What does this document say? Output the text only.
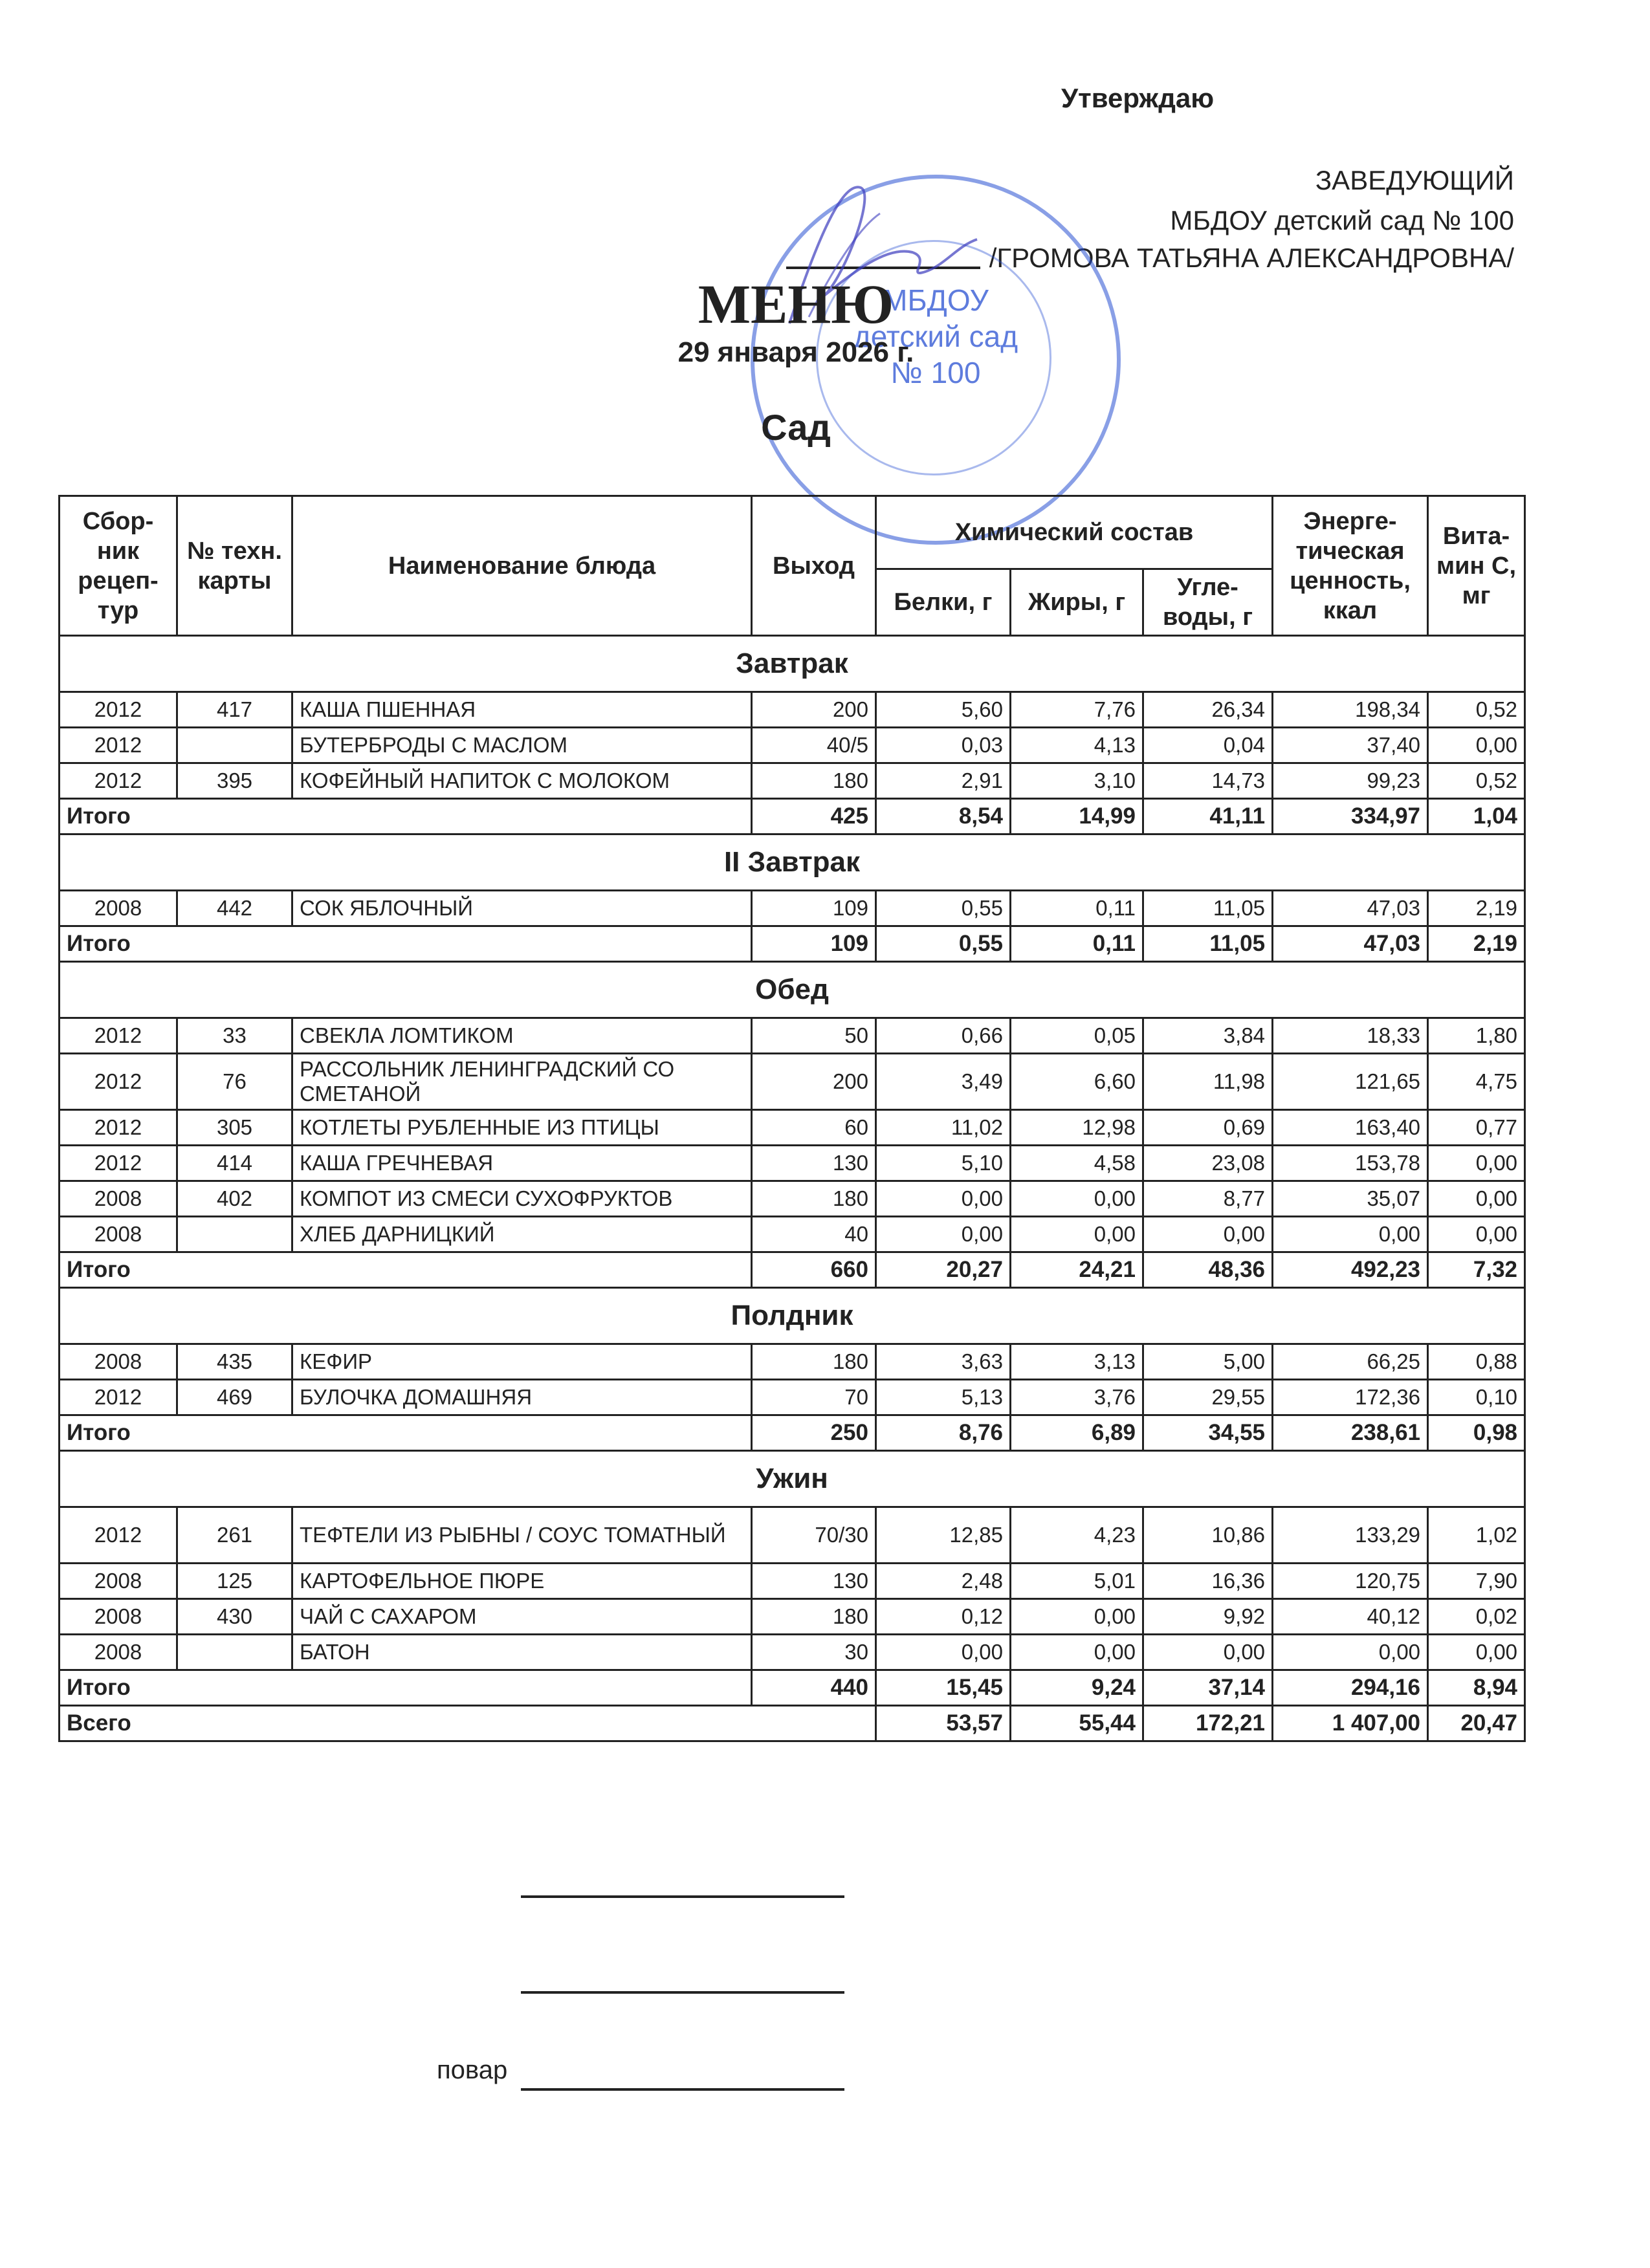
Утверждаю
ЗАВЕДУЮЩИЙ
МБДОУ детский сад № 100
/ГРОМОВА ТАТЬЯНА АЛЕКСАНДРОВНА/
МБДОУ
детский сад
№ 100
МЕНЮ
29 января 2026 г.
Сад
Сбор-ник рецеп-тур	№ техн. карты	Наименование блюда	Выход	Химический состав			Энерге-тическая ценность, ккал	Вита-мин С, мг
				Белки, г	Жиры, г	Угле-воды, г		
Завтрак								
2012	417	КАША ПШЕННАЯ	200	5,60	7,76	26,34	198,34	0,52
2012		БУТЕРБРОДЫ С МАСЛОМ	40/5	0,03	4,13	0,04	37,40	0,00
2012	395	КОФЕЙНЫЙ НАПИТОК С МОЛОКОМ	180	2,91	3,10	14,73	99,23	0,52
Итого			425	8,54	14,99	41,11	334,97	1,04
II Завтрак								
2008	442	СОК ЯБЛОЧНЫЙ	109	0,55	0,11	11,05	47,03	2,19
Итого			109	0,55	0,11	11,05	47,03	2,19
Обед								
2012	33	СВЕКЛА ЛОМТИКОМ	50	0,66	0,05	3,84	18,33	1,80
2012	76	РАССОЛЬНИК ЛЕНИНГРАДСКИЙ СО СМЕТАНОЙ	200	3,49	6,60	11,98	121,65	4,75
2012	305	КОТЛЕТЫ РУБЛЕННЫЕ ИЗ ПТИЦЫ	60	11,02	12,98	0,69	163,40	0,77
2012	414	КАША ГРЕЧНЕВАЯ	130	5,10	4,58	23,08	153,78	0,00
2008	402	КОМПОТ ИЗ СМЕСИ СУХОФРУКТОВ	180	0,00	0,00	8,77	35,07	0,00
2008		ХЛЕБ ДАРНИЦКИЙ	40	0,00	0,00	0,00	0,00	0,00
Итого			660	20,27	24,21	48,36	492,23	7,32
Полдник								
2008	435	КЕФИР	180	3,63	3,13	5,00	66,25	0,88
2012	469	БУЛОЧКА ДОМАШНЯЯ	70	5,13	3,76	29,55	172,36	0,10
Итого			250	8,76	6,89	34,55	238,61	0,98
Ужин								
2012	261	ТЕФТЕЛИ ИЗ РЫБНЫ / СОУС ТОМАТНЫЙ	70/30	12,85	4,23	10,86	133,29	1,02
2008	125	КАРТОФЕЛЬНОЕ ПЮРЕ	130	2,48	5,01	16,36	120,75	7,90
2008	430	ЧАЙ С САХАРОМ	180	0,12	0,00	9,92	40,12	0,02
2008		БАТОН	30	0,00	0,00	0,00	0,00	0,00
Итого			440	15,45	9,24	37,14	294,16	8,94
Всего				53,57	55,44	172,21	1 407,00	20,47
повар
